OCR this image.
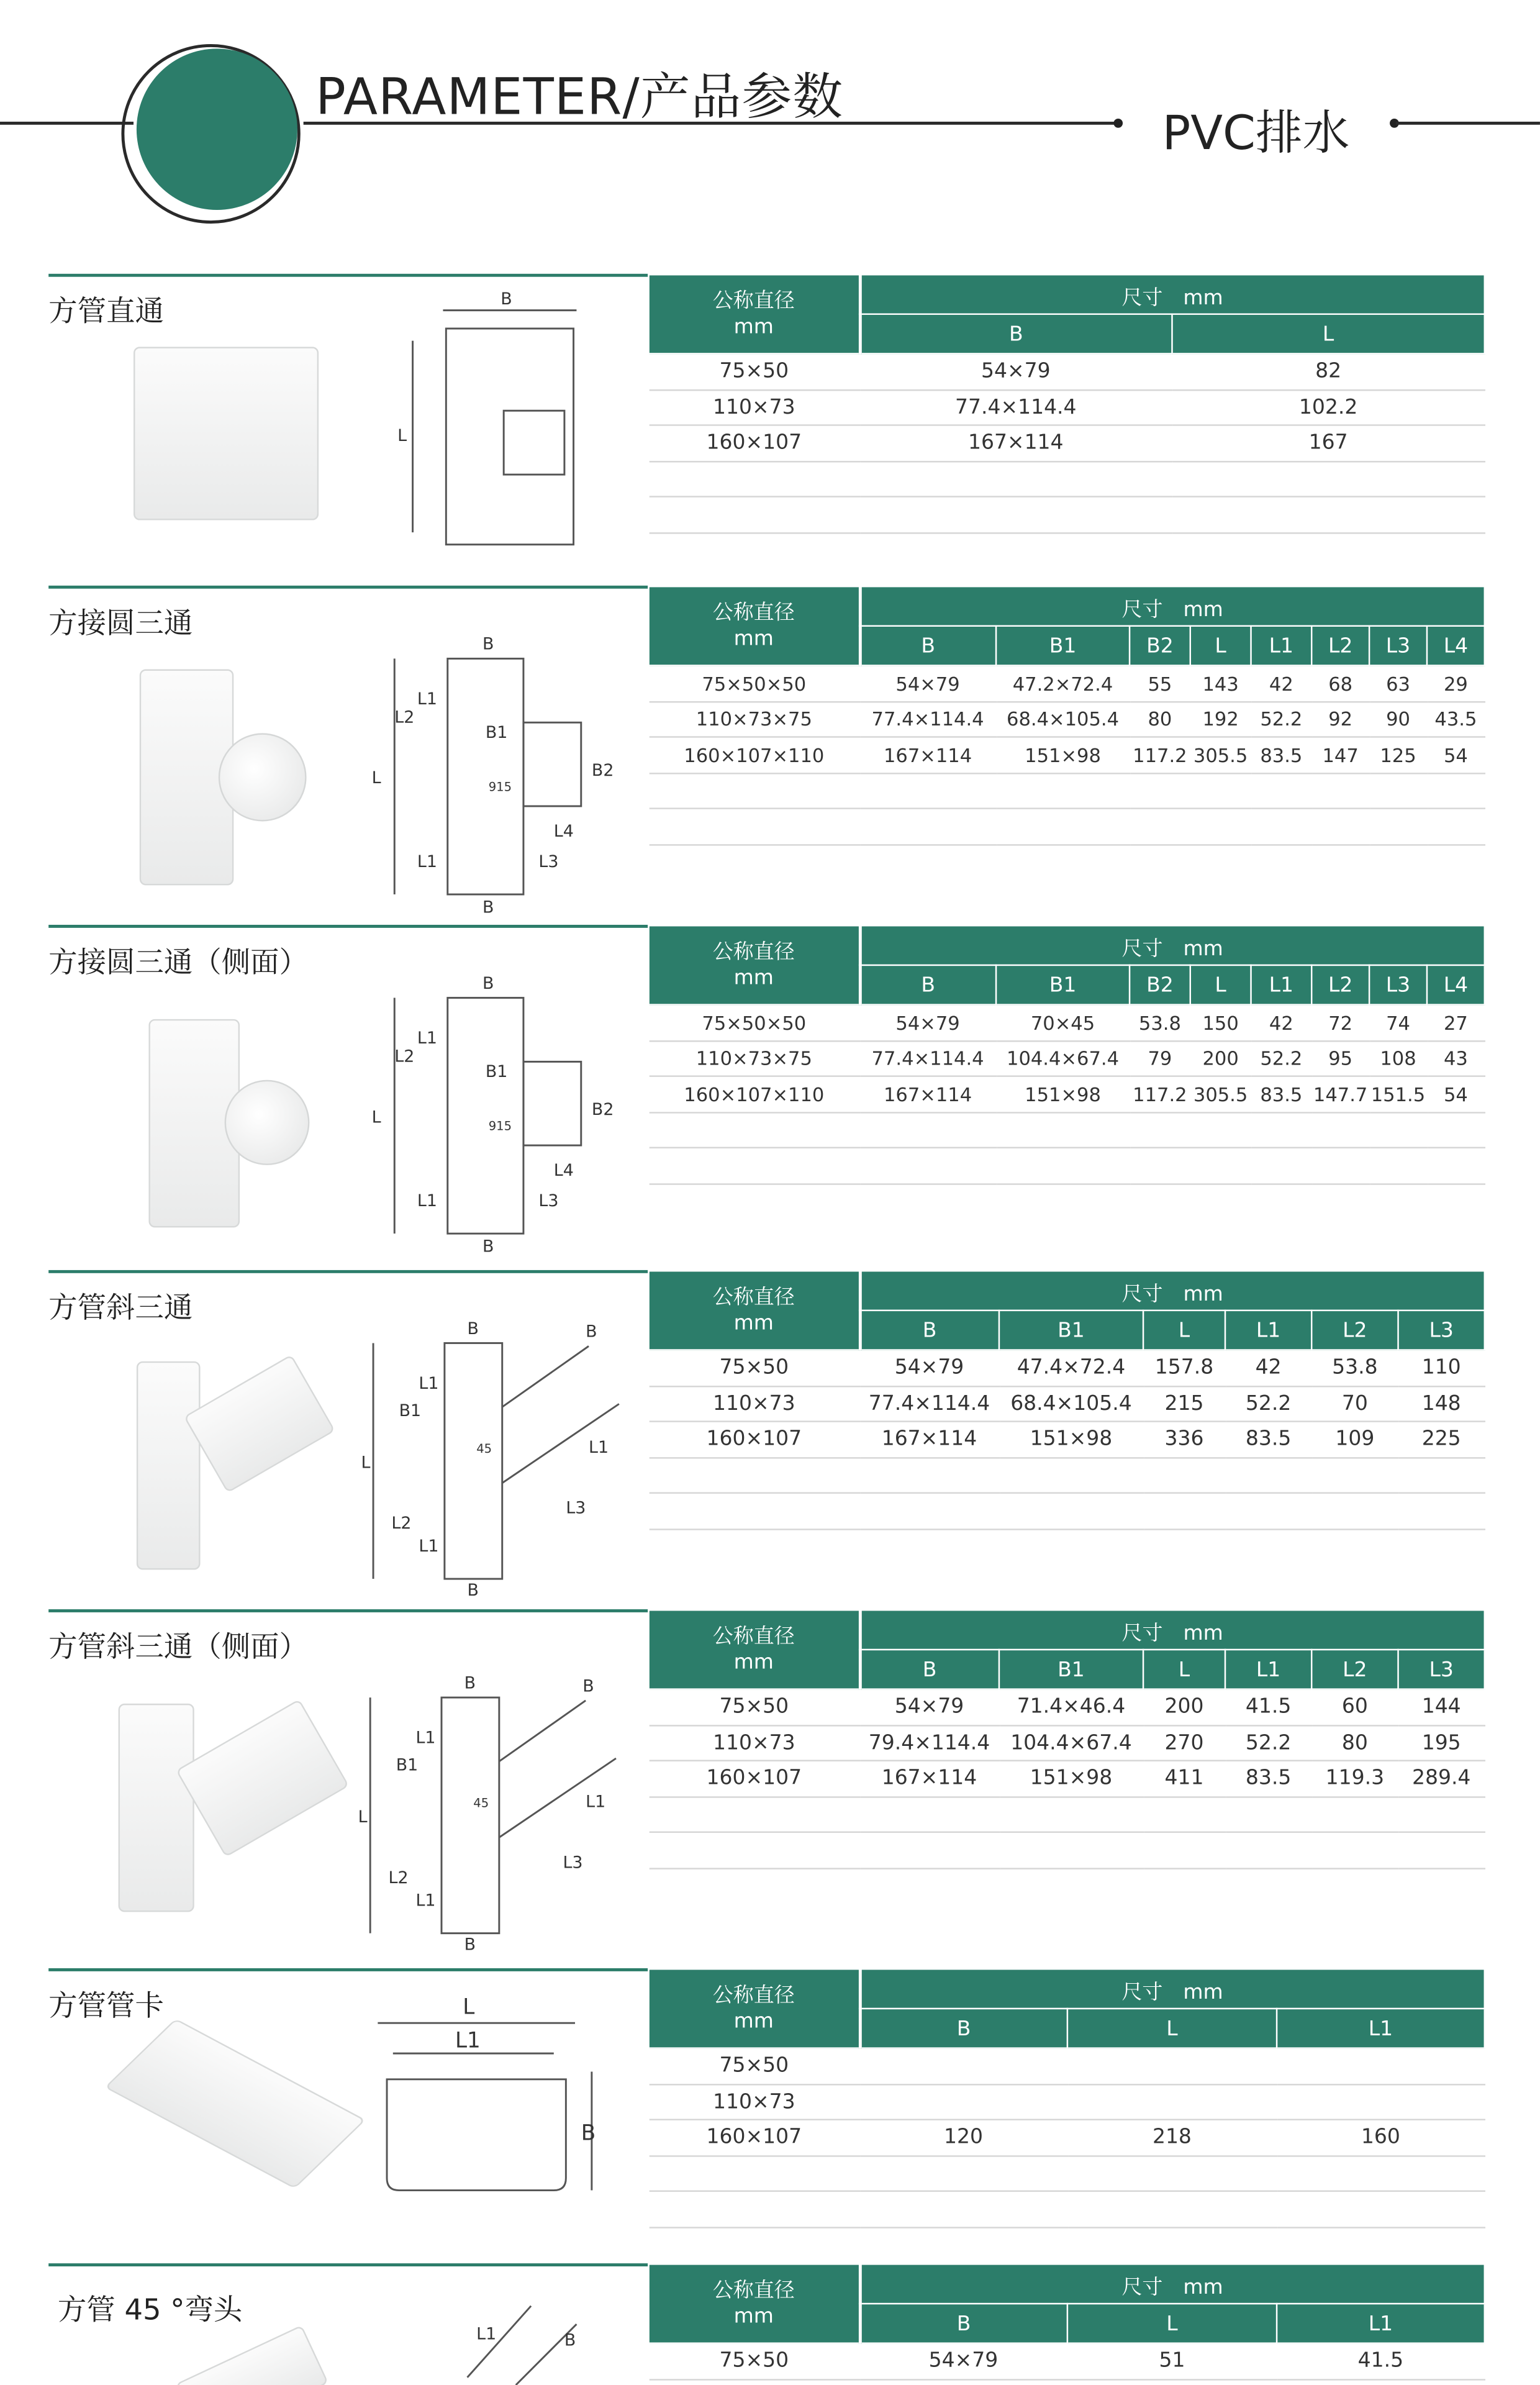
PARAMETER/产品参数
PVC排水
方管直通	B
L
公称直径
mm	尺寸　mm	
	B	L
75×50	54×79	82
110×73	77.4×114.4	102.2
160×107	167×114	167

方接圆三通
B
L1
L2
B1
L	B2
L4
L3
L1
B
915
公称直径
mm	尺寸　mm							
	B	B1	B2	L	L1	L2	L3	L4
75×50×50	54×79	47.2×72.4	55	143	42	68	63	29
110×73×75	77.4×114.4	68.4×105.4	80	192	52.2	92	90	43.5
160×107×110	167×114	151×98	117.2	305.5	83.5	147	125	54

方接圆三通（侧面）
B
L1
L2
B1
L	B2
L4
L3
L1
B
915
公称直径
mm	尺寸　mm							
	B	B1	B2	L	L1	L2	L3	L4
75×50×50	54×79	70×45	53.8	150	42	72	74	27
110×73×75	77.4×114.4	104.4×67.4	79	200	52.2	95	108	43
160×107×110	167×114	151×98	117.2	305.5	83.5	147.7	151.5	54

方管斜三通
B
L1
B1
L
L2
L1
B
B
L1
L3
45
公称直径
mm	尺寸　mm					
	B	B1	L	L1	L2	L3
75×50	54×79	47.4×72.4	157.8	42	53.8	110
110×73	77.4×114.4	68.4×105.4	215	52.2	70	148
160×107	167×114	151×98	336	83.5	109	225

方管斜三通（侧面）
B
L1
B1
L
L2
L1
B
B
L1
L3
45
公称直径
mm	尺寸　mm					
	B	B1	L	L1	L2	L3
75×50	54×79	71.4×46.4	200	41.5	60	144
110×73	79.4×114.4	104.4×67.4	270	52.2	80	195
160×107	167×114	151×98	411	83.5	119.3	289.4

方管管卡	L
L1
B
公称直径
mm	尺寸　mm		
	B	L	L1
75×50			
110×73			
160×107	120	218	160

方管 45 °弯头
L1	B
公称直径
mm	尺寸　mm		
	B	L	L1
75×50	54×79	51	41.5
